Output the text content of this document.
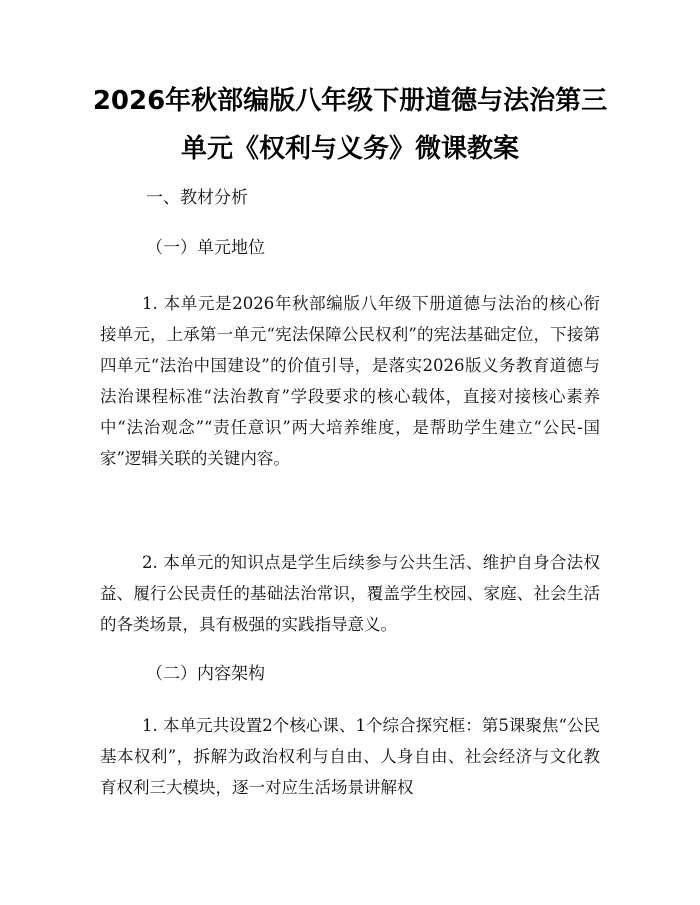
2026年秋部编版八年级下册道德与法治第三
单元《权利与义务》微课教案
一、教材分析
（一）单元地位

1. 本单元是2026年秋部编版八年级下册道德与法治的核心衔接单元，上承第一单元“宪法保障公民权利”的宪法基础定位，下接第四单元“法治中国建设”的价值引导，是落实2026版义务教育道德与法治课程标准“法治教育”学段要求的核心载体，直接对接核心素养中“法治观念”“责任意识”两大培养维度，是帮助学生建立“公民-国家”逻辑关联的关键内容。

2. 本单元的知识点是学生后续参与公共生活、维护自身合法权益、履行公民责任的基础法治常识，覆盖学生校园、家庭、社会生活的各类场景，具有极强的实践指导意义。

（二）内容架构

1. 本单元共设置2个核心课、1个综合探究框：第5课聚焦“公民基本权利”，拆解为政治权利与自由、人身自由、社会经济与文化教育权利三大模块，逐一对应生活场景讲解权
